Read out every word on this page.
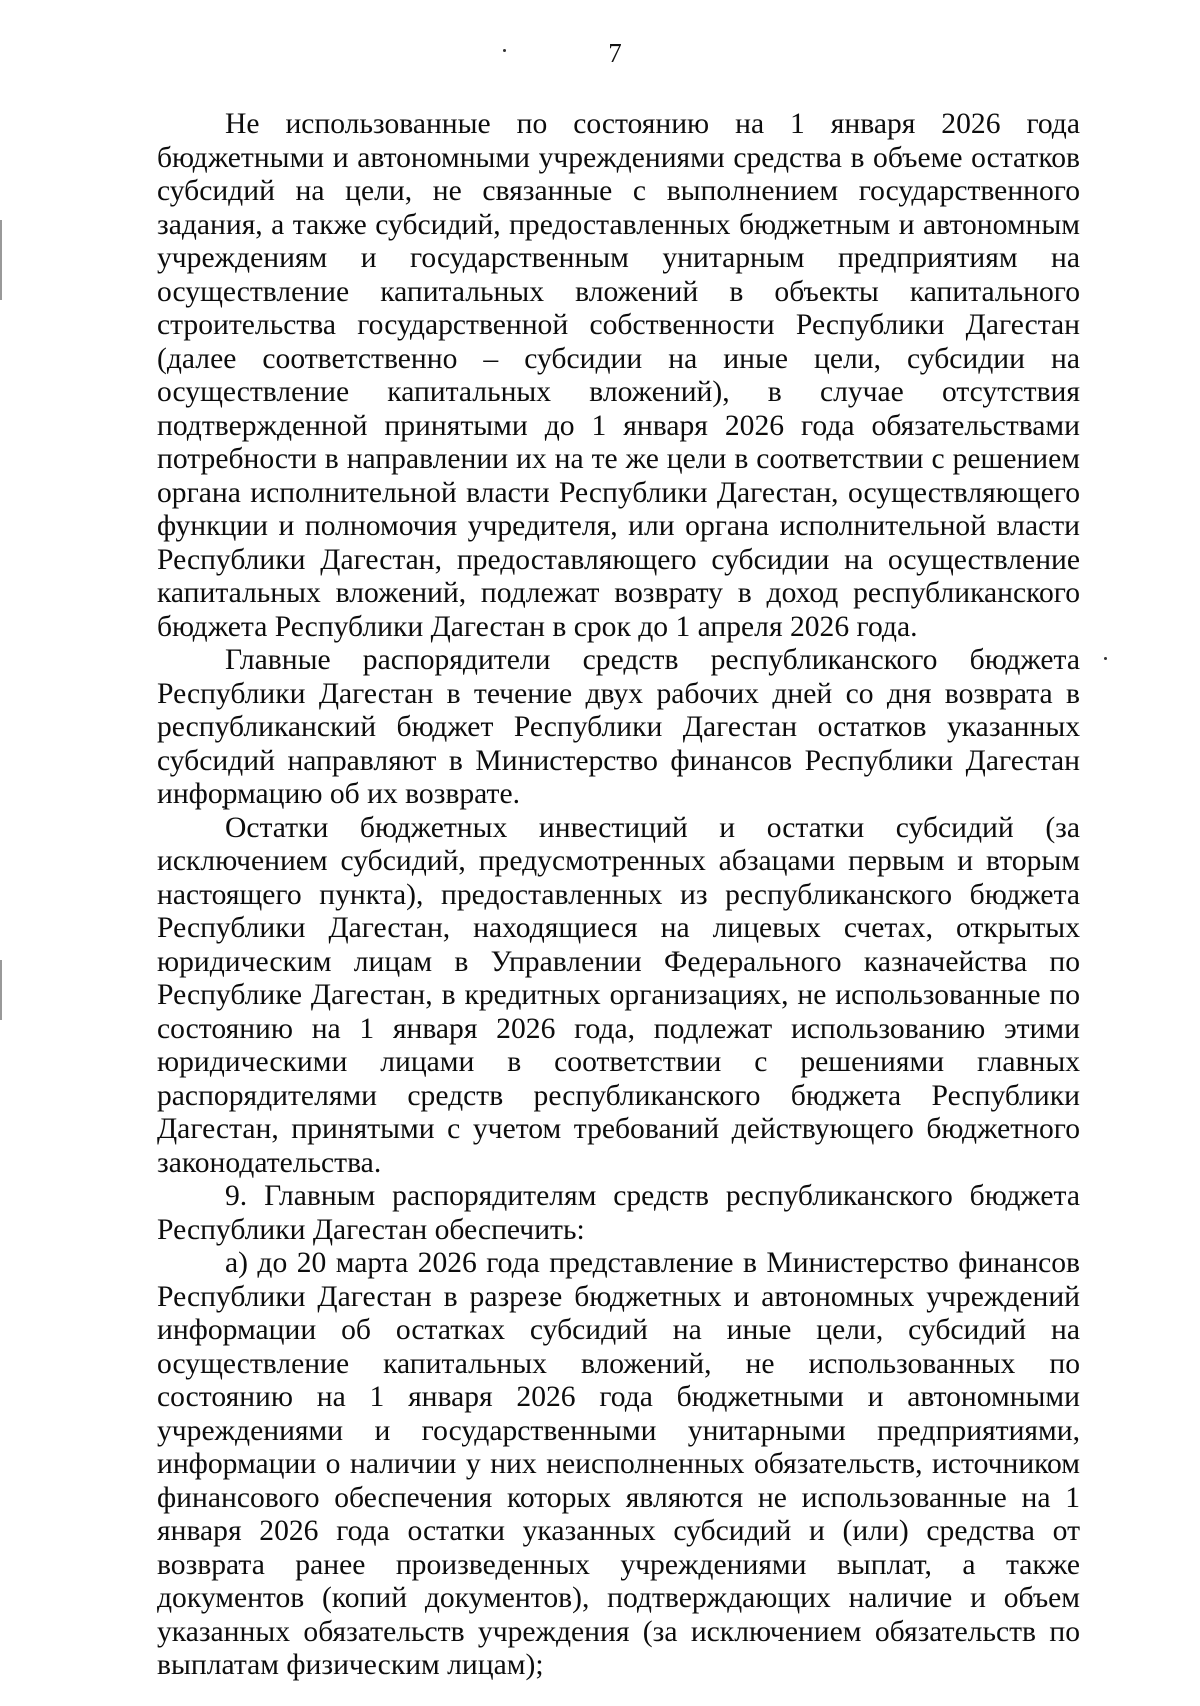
7

Не использованные по состоянию на 1 января 2026 года бюджетными и автономными учреждениями средства в объеме остатков субсидий на цели, не связанные с выполнением государственного задания, а также субсидий, предоставленных бюджетным и автономным учреждениям и государственным унитарным предприятиям на осуществление капитальных вложений в объекты капитального строительства государственной собственности Республики Дагестан (далее соответственно – субсидии на иные цели, субсидии на осуществление капитальных вложений), в случае отсутствия подтвержденной принятыми до 1 января 2026 года обязательствами потребности в направлении их на те же цели в соответствии с решением органа исполнительной власти Республики Дагестан, осуществляющего функции и полномочия учредителя, или органа исполнительной власти Республики Дагестан, предоставляющего субсидии на осуществление капитальных вложений, подлежат возврату в доход республиканского бюджета Республики Дагестан в срок до 1 апреля 2026 года.

Главные распорядители средств республиканского бюджета Республики Дагестан в течение двух рабочих дней со дня возврата в республиканский бюджет Республики Дагестан остатков указанных субсидий направляют в Министерство финансов Республики Дагестан информацию об их возврате.

Остатки бюджетных инвестиций и остатки субсидий (за исключением субсидий, предусмотренных абзацами первым и вторым настоящего пункта), предоставленных из республиканского бюджета Республики Дагестан, находящиеся на лицевых счетах, открытых юридическим лицам в Управлении Федерального казначейства по Республике Дагестан, в кредитных организациях, не использованные по состоянию на 1 января 2026 года, подлежат использованию этими юридическими лицами в соответствии с решениями главных распорядителями средств республиканского бюджета Республики Дагестан, принятыми с учетом требований действующего бюджетного законодательства.

9. Главным распорядителям средств республиканского бюджета Республики Дагестан обеспечить:

а) до 20 марта 2026 года представление в Министерство финансов Республики Дагестан в разрезе бюджетных и автономных учреждений информации об остатках субсидий на иные цели, субсидий на осуществление капитальных вложений, не использованных по состоянию на 1 января 2026 года бюджетными и автономными учреждениями и государственными унитарными предприятиями, информации о наличии у них неисполненных обязательств, источником финансового обеспечения которых являются не использованные на 1 января 2026 года остатки указанных субсидий и (или) средства от возврата ранее произведенных учреждениями выплат, а также документов (копий документов), подтверждающих наличие и объем указанных обязательств учреждения (за исключением обязательств по выплатам физическим лицам);
